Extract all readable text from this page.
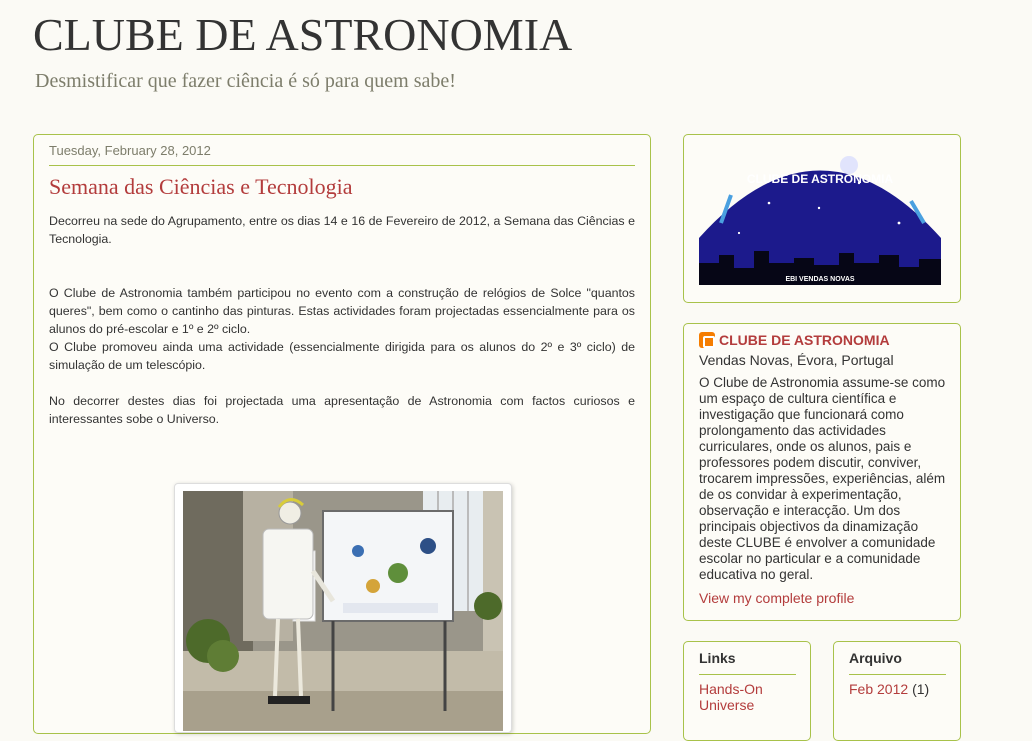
CLUBE DE ASTRONOMIA

Desmistificar que fazer ciência é só para quem sabe!

Tuesday, February 28, 2012
Semana das Ciências e Tecnologia

Decorreu na sede do Agrupamento, entre os dias 14 e 16 de Fevereiro de 2012, a Semana das Ciências e Tecnologia.

O Clube de Astronomia também participou no evento com a construção de relógios de Solce "quantos queres", bem como o cantinho das pinturas. Estas actividades foram projectadas essencialmente para os alunos do pré-escolar e 1º e 2º ciclo.

O Clube promoveu ainda uma actividade (essencialmente dirigida para os alunos do 2º e 3º ciclo) de simulação de um telescópio.

No decorrer destes dias foi projectada uma apresentação de Astronomia com factos curiosos e interessantes sobe o Universo.

CLUBE DE ASTRONOMIA
EBI VENDAS NOVAS
CLUBE DE ASTRONOMIA
Vendas Novas, Évora, Portugal
O Clube de Astronomia assume-se como um espaço de cultura científica e investigação que funcionará como prolongamento das actividades curriculares, onde os alunos, pais e professores podem discutir, conviver, trocarem impressões, experiências, além de os convidar à experimentação, observação e interacção. Um dos principais objectivos da dinamização deste CLUBE é envolver a comunidade escolar no particular e a comunidade educativa no geral.
View my complete profile
Links
Hands-On Universe
Arquivo
Feb 2012 (1)
